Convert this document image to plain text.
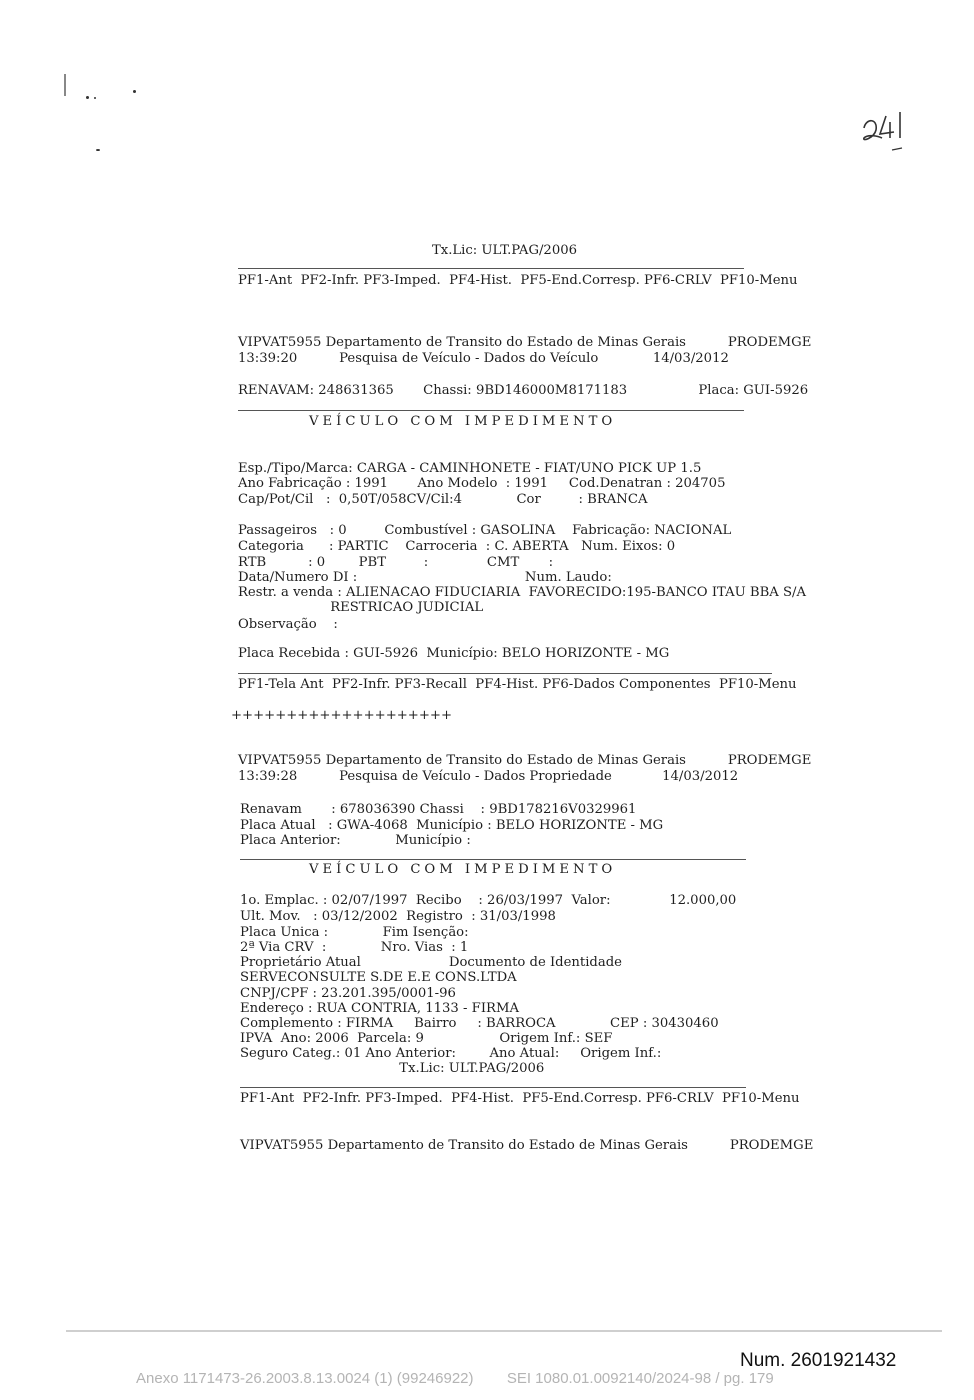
Tx.Lic: ULT.PAG/2006
PF1-Ant  PF2-Infr. PF3-Imped.  PF4-Hist.  PF5-End.Corresp. PF6-CRLV  PF10-Menu
VIPVAT5955 Departamento de Transito do Estado de Minas Gerais          PRODEMGE
13:39:20          Pesquisa de Veículo - Dados do Veículo             14/03/2012
RENAVAM: 248631365       Chassi: 9BD146000M8171183                 Placa: GUI-5926
VEÍCULO COM IMPEDIMENTO
Esp./Tipo/Marca: CARGA - CAMINHONETE - FIAT/UNO PICK UP 1.5
Ano Fabricação : 1991       Ano Modelo  : 1991     Cod.Denatran : 204705
Cap/Pot/Cil   :  0,50T/058CV/Cil:4             Cor         : BRANCA
Passageiros   : 0         Combustível : GASOLINA    Fabricação: NACIONAL
Categoria      : PARTIC    Carroceria  : C. ABERTA   Num. Eixos: 0
RTB          : 0        PBT         :              CMT       :
Data/Numero DI :                                        Num. Laudo:
Restr. a venda : ALIENACAO FIDUCIARIA  FAVORECIDO:195-BANCO ITAU BBA S/A
RESTRICAO JUDICIAL
Observação    :
Placa Recebida : GUI-5926  Município: BELO HORIZONTE - MG
PF1-Tela Ant  PF2-Infr. PF3-Recall  PF4-Hist. PF6-Dados Componentes  PF10-Menu
++++++++++++++++++++
VIPVAT5955 Departamento de Transito do Estado de Minas Gerais          PRODEMGE
13:39:28          Pesquisa de Veículo - Dados Propriedade            14/03/2012
Renavam       : 678036390 Chassi    : 9BD178216V0329961
Placa Atual   : GWA-4068  Município : BELO HORIZONTE - MG
Placa Anterior:             Município :
VEÍCULO COM IMPEDIMENTO
1o. Emplac. : 02/07/1997  Recibo    : 26/03/1997  Valor:              12.000,00
Ult. Mov.   : 03/12/2002  Registro  : 31/03/1998
Placa Unica :             Fim Isenção:
2ª Via CRV  :             Nro. Vias  : 1
Proprietário Atual                     Documento de Identidade
SERVECONSULTE S.DE E.E CONS.LTDA
CNPJ/CPF : 23.201.395/0001-96
Endereço : RUA CONTRIA, 1133 - FIRMA
Complemento : FIRMA     Bairro     : BARROCA             CEP : 30430460
IPVA  Ano: 2006  Parcela: 9                  Origem Inf.: SEF
Seguro Categ.: 01 Ano Anterior:        Ano Atual:     Origem Inf.:
Tx.Lic: ULT.PAG/2006
PF1-Ant  PF2-Infr. PF3-Imped.  PF4-Hist.  PF5-End.Corresp. PF6-CRLV  PF10-Menu
VIPVAT5955 Departamento de Transito do Estado de Minas Gerais          PRODEMGE
Num. 2601921432
Anexo 1171473-26.2003.8.13.0024 (1) (99246922)        SEI 1080.01.0092140/2024-98 / pg. 179
